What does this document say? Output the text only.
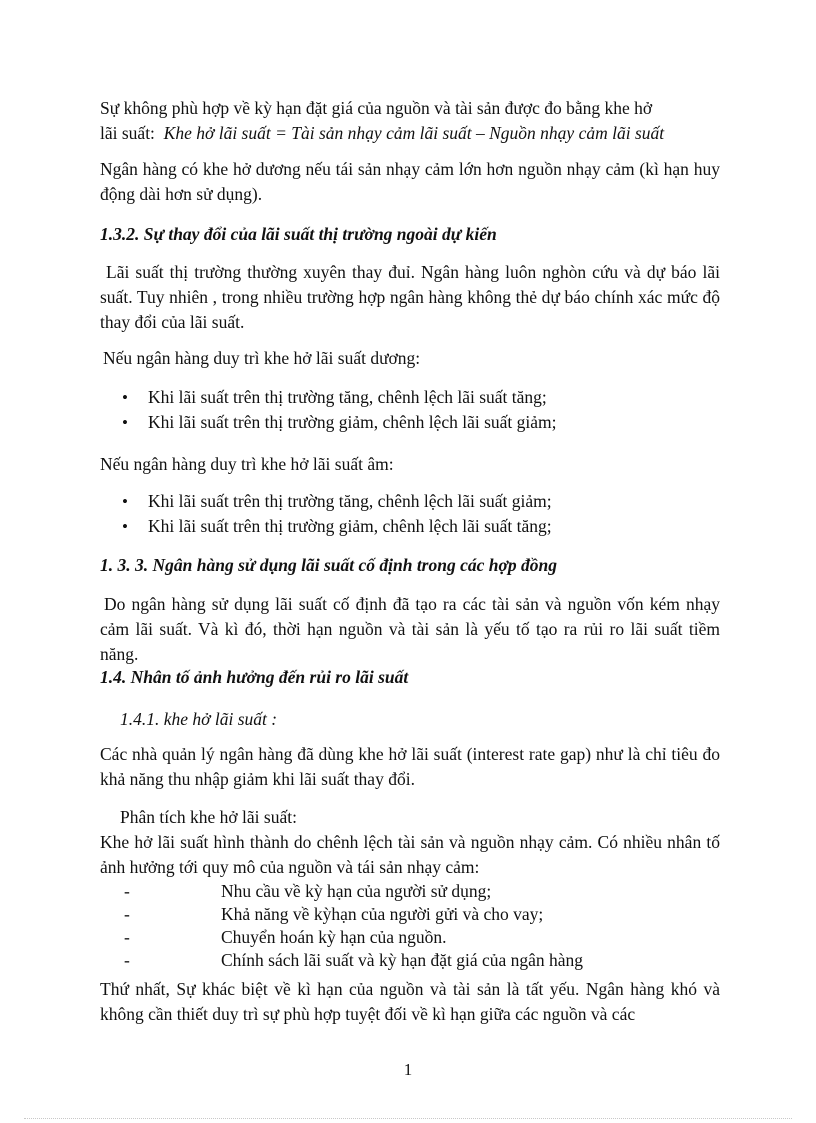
Sự không phù hợp về kỳ hạn đặt giá của nguồn và tài sản được đo bằng khe hở
lãi suất: Khe hở lãi suất = Tài sản nhạy cảm lãi suất – Nguồn nhạy cảm lãi suất

Ngân hàng có khe hở dương nếu tái sản nhạy cảm lớn hơn nguồn nhạy cảm (kì hạn huy động dài hơn sử dụng).

1.3.2. Sự thay đổi của lãi suất thị trường ngoài dự kiến

Lãi suất thị trường thường xuyên thay đuỉ. Ngân hàng luôn nghòn cứu và dự báo lãi suất. Tuy nhiên , trong nhiều trường hợp ngân hàng không thẻ dự báo chính xác mức độ thay đổi của lãi suất.

Nếu ngân hàng duy trì khe hở lãi suất dương:

• Khi lãi suất trên thị trường tăng, chênh lệch lãi suất tăng;
• Khi lãi suất trên thị trường giảm, chênh lệch lãi suất giảm;

Nếu ngân hàng duy trì khe hở lãi suất âm:

• Khi lãi suất trên thị trường tăng, chênh lệch lãi suất giảm;
• Khi lãi suất trên thị trường giảm, chênh lệch lãi suất tăng;
1. 3. 3. Ngân hàng sử dụng lãi suất cố định trong các hợp đồng

Do ngân hàng sử dụng lãi suất cố định đã tạo ra các tài sản và nguồn vốn kém nhạy cảm lãi suất. Và kì đó, thời hạn nguồn và tài sản là yếu tố tạo ra rủi ro lãi suất tiềm năng.

1.4. Nhân tố ảnh hưởng đến rủi ro lãi suất

1.4.1. khe hở lãi suất :

Các nhà quản lý ngân hàng đã dùng khe hở lãi suất (interest rate gap) như là chỉ tiêu đo khả năng thu nhập giảm khi lãi suất thay đổi.

Phân tích khe hở lãi suất:

Khe hở lãi suất hình thành do chênh lệch tài sản và nguồn nhạy cảm. Có nhiều nhân tố ảnh hưởng tới quy mô của nguồn và tái sản nhạy cảm:

- Nhu cầu về kỳ hạn của người sử dụng;
- Khả năng về kỳhạn của người gửi và cho vay;
- Chuyển hoán kỳ hạn của nguồn.
- Chính sách lãi suất và kỳ hạn đặt giá của ngân hàng

Thứ nhất, Sự khác biệt về kì hạn của nguồn và tài sản là tất yếu. Ngân hàng khó và không cần thiết duy trì sự phù hợp tuyệt đối về kì hạn giữa các nguồn và các

1
